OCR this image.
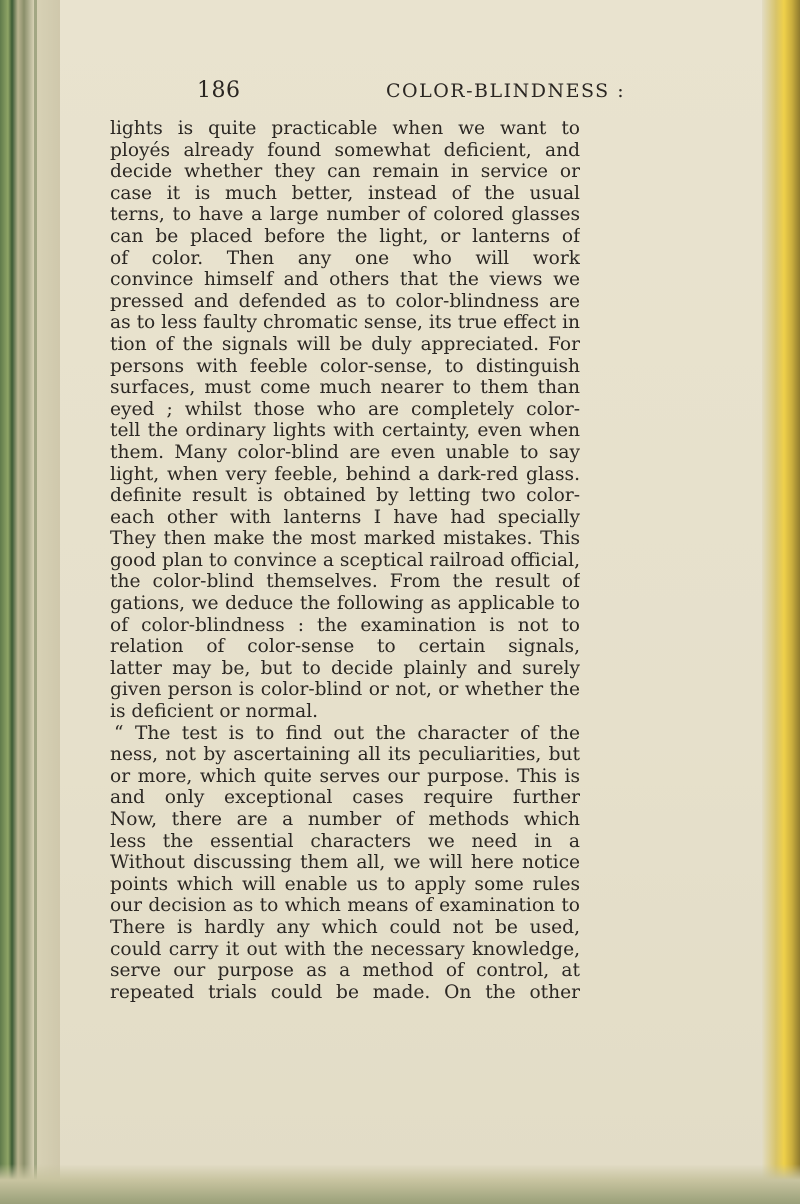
186	COLOR-BLINDNESS :
lights is quite practicable when we want to
ployés already found somewhat deficient, and
decide whether they can remain in service or
case it is much better, instead of the usual
terns, to have a large number of colored glasses
can be placed before the light, or lanterns of
of color. Then any one who will work
convince himself and others that the views we
pressed and defended as to color-blindness are
as to less faulty chromatic sense, its true effect in
tion of the signals will be duly appreciated. For
persons with feeble color-sense, to distinguish
surfaces, must come much nearer to them than
eyed ; whilst those who are completely color-
tell the ordinary lights with certainty, even when
them. Many color-blind are even unable to say
light, when very feeble, behind a dark-red glass.
definite result is obtained by letting two color-
each other with lanterns I have had specially
They then make the most marked mistakes. This
good plan to convince a sceptical railroad official,
the color-blind themselves. From the result of
gations, we deduce the following as applicable to
of color-blindness : the examination is not to
relation of color-sense to certain signals,
latter may be, but to decide plainly and surely
given person is color-blind or not, or whether the
is deficient or normal.
“ The test is to find out the character of the
ness, not by ascertaining all its peculiarities, but
or more, which quite serves our purpose. This is
and only exceptional cases require further
Now, there are a number of methods which
less the essential characters we need in a
Without discussing them all, we will here notice
points which will enable us to apply some rules
our decision as to which means of examination to
There is hardly any which could not be used,
could carry it out with the necessary knowledge,
serve our purpose as a method of control, at
repeated trials could be made. On the other
